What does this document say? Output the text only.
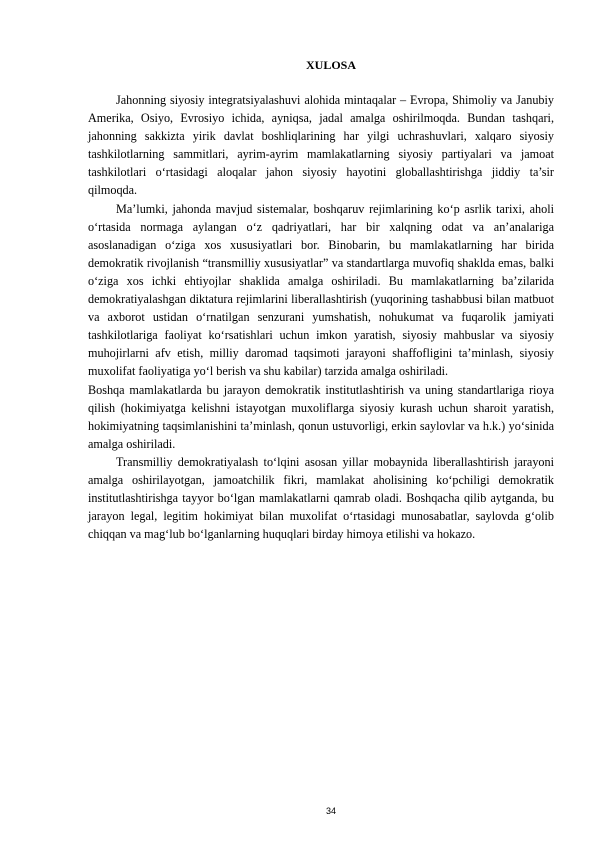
XULOSA

Jahonning siyosiy integratsiyalashuvi alohida mintaqalar – Evropa, Shimoliy va Janubiy Amerika, Osiyo, Evrosiyo ichida, ayniqsa, jadal amalga oshirilmoqda. Bundan tashqari, jahonning sakkizta yirik davlat boshliqlarining har yilgi uchrashuvlari, xalqaro siyosiy tashkilotlarning sammitlari, ayrim-ayrim mamlakatlarning siyosiy partiyalari va jamoat tashkilotlari o‘rtasidagi aloqalar jahon siyosiy hayotini globallashtirishga jiddiy ta’sir qilmoqda.

Ma’lumki, jahonda mavjud sistemalar, boshqaruv rejimlarining ko‘p asrlik tarixi, aholi o‘rtasida normaga aylangan o‘z qadriyatlari, har bir xalqning odat va an’analariga asoslanadigan o‘ziga xos xususiyatlari bor. Binobarin, bu mamlakatlarning har birida demokratik rivojlanish “transmilliy xususiyatlar” va standartlarga muvofiq shaklda emas, balki o‘ziga xos ichki ehtiyojlar shaklida amalga oshiriladi. Bu mamlakatlarning ba’zilarida demokratiyalashgan diktatura rejimlarini liberallashtirish (yuqorining tashabbusi bilan matbuot va axborot ustidan o‘rnatilgan senzurani yumshatish, nohukumat va fuqarolik jamiyati tashkilotlariga faoliyat ko‘rsatishlari uchun imkon yaratish, siyosiy mahbuslar va siyosiy muhojirlarni afv etish, milliy daromad taqsimoti jarayoni shaffofligini ta’minlash, siyosiy muxolifat faoliyatiga yo‘l berish va shu kabilar) tarzida amalga oshiriladi.

Boshqa mamlakatlarda bu jarayon demokratik institutlashtirish va uning standartlariga rioya qilish (hokimiyatga kelishni istayotgan muxoliflarga siyosiy kurash uchun sharoit yaratish, hokimiyatning taqsimlanishini ta’minlash, qonun ustuvorligi, erkin saylovlar va h.k.) yo‘sinida amalga oshiriladi.

Transmilliy demokratiyalash to‘lqini asosan yillar mobaynida liberallashtirish jarayoni amalga oshirilayotgan, jamoatchilik fikri, mamlakat aholisining ko‘pchiligi demokratik institutlashtirishga tayyor bo‘lgan mamlakatlarni qamrab oladi. Boshqacha qilib aytganda, bu jarayon legal, legitim hokimiyat bilan muxolifat o‘rtasidagi munosabatlar, saylovda g‘olib chiqqan va mag‘lub bo‘lganlarning huquqlari birday himoya etilishi va hokazo.

34
